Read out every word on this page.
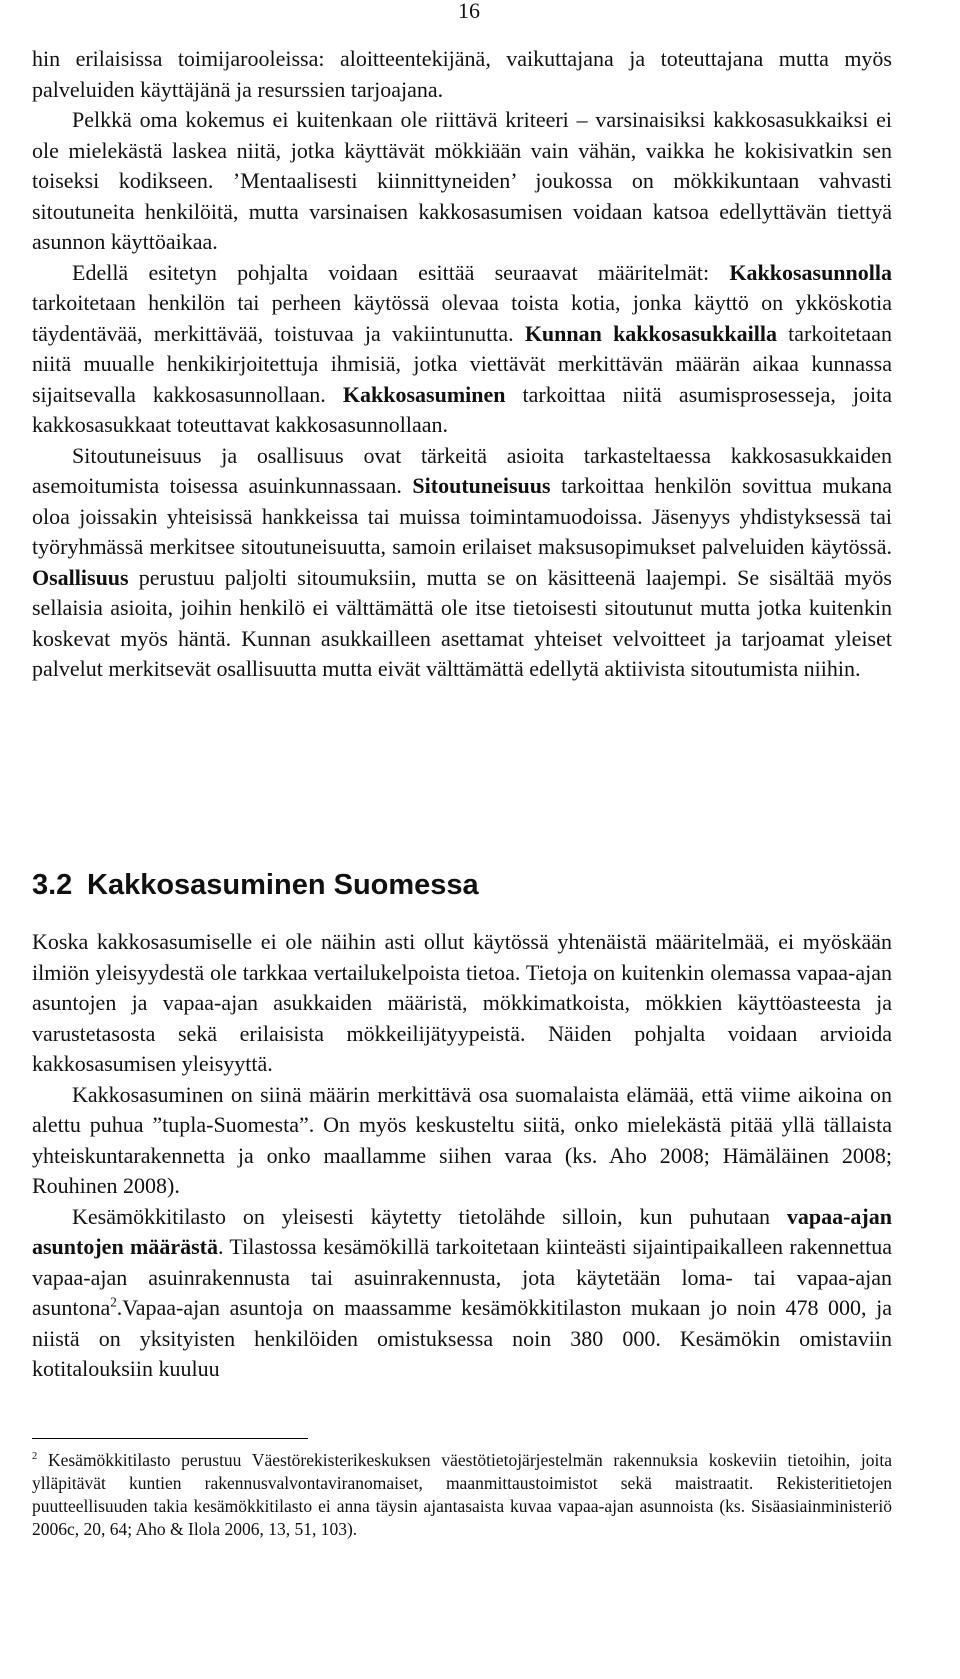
16

hin erilaisissa toimijarooleissa: aloitteentekijänä, vaikuttajana ja toteuttajana mutta myös palveluiden käyttäjänä ja resurssien tarjoajana.

Pelkkä oma kokemus ei kuitenkaan ole riittävä kriteeri – varsinaisiksi kakkosasukkaiksi ei ole mielekästä laskea niitä, jotka käyttävät mökkiään vain vähän, vaikka he kokisivatkin sen toiseksi kodikseen. ’Mentaalisesti kiinnittyneiden’ joukossa on mökkikuntaan vahvasti sitoutuneita henkilöitä, mutta varsinaisen kakkosasumisen voidaan katsoa edellyttävän tiettyä asunnon käyttöaikaa.

Edellä esitetyn pohjalta voidaan esittää seuraavat määritelmät: Kakkosasunnolla tarkoitetaan henkilön tai perheen käytössä olevaa toista kotia, jonka käyttö on ykköskotia täydentävää, merkittävää, toistuvaa ja vakiintunutta. Kunnan kakkosasukkailla tarkoitetaan niitä muualle henkikirjoitettuja ihmisiä, jotka viettävät merkittävän määrän aikaa kunnassa sijaitsevalla kakkosasunnollaan. Kakkosasuminen tarkoittaa niitä asumisprosesseja, joita kakkosasukkaat toteuttavat kakkosasunnollaan.

Sitoutuneisuus ja osallisuus ovat tärkeitä asioita tarkasteltaessa kakkosasukkaiden asemoitumista toisessa asuinkunnassaan. Sitoutuneisuus tarkoittaa henkilön sovittua mukana oloa joissakin yhteisissä hankkeissa tai muissa toimintamuodoissa. Jäsenyys yhdistyksessä tai työryhmässä merkitsee sitoutuneisuutta, samoin erilaiset maksusopimukset palveluiden käytössä. Osallisuus perustuu paljolti sitoumuksiin, mutta se on käsitteenä laajempi. Se sisältää myös sellaisia asioita, joihin henkilö ei välttämättä ole itse tietoisesti sitoutunut mutta jotka kuitenkin koskevat myös häntä. Kunnan asukkailleen asettamat yhteiset velvoitteet ja tarjoamat yleiset palvelut merkitsevät osallisuutta mutta eivät välttämättä edellytä aktiivista sitoutumista niihin.

3.2 Kakkosasuminen Suomessa

Koska kakkosasumiselle ei ole näihin asti ollut käytössä yhtenäistä määritelmää, ei myöskään ilmiön yleisyydestä ole tarkkaa vertailukelpoista tietoa. Tietoja on kuitenkin olemassa vapaa-ajan asuntojen ja vapaa-ajan asukkaiden määristä, mökkimatkoista, mökkien käyttöasteesta ja varustetasosta sekä erilaisista mökkeilijätyypeistä. Näiden pohjalta voidaan arvioida kakkosasumisen yleisyyttä.

Kakkosasuminen on siinä määrin merkittävä osa suomalaista elämää, että viime aikoina on alettu puhua ”tupla-Suomesta”. On myös keskusteltu siitä, onko mielekästä pitää yllä tällaista yhteiskuntarakennetta ja onko maallamme siihen varaa (ks. Aho 2008; Hämäläinen 2008; Rouhinen 2008).

Kesämökkitilasto on yleisesti käytetty tietolähde silloin, kun puhutaan vapaa-ajan asuntojen määrästä. Tilastossa kesämökillä tarkoitetaan kiinteästi sijaintipaikalleen rakennettua vapaa-ajan asuinrakennusta tai asuinrakennusta, jota käytetään loma- tai vapaa-ajan asuntona$^2$.Vapaa-ajan asuntoja on maassamme kesämökkitilaston mukaan jo noin 478 000, ja niistä on yksityisten henkilöiden omistuksessa noin 380 000. Kesämökin omistaviin kotitalouksiin kuuluu

$^2$ Kesämökkitilasto perustuu Väestörekisterikeskuksen väestötietojärjestelmän rakennuksia koskeviin tietoihin, joita ylläpitävät kuntien rakennusvalvontaviranomaiset, maanmittaustoimistot sekä maistraatit. Rekisteritietojen puutteellisuuden takia kesämökkitilasto ei anna täysin ajantasaista kuvaa vapaa-ajan asunnoista (ks. Sisäasiainministeriö 2006c, 20, 64; Aho & Ilola 2006, 13, 51, 103).
